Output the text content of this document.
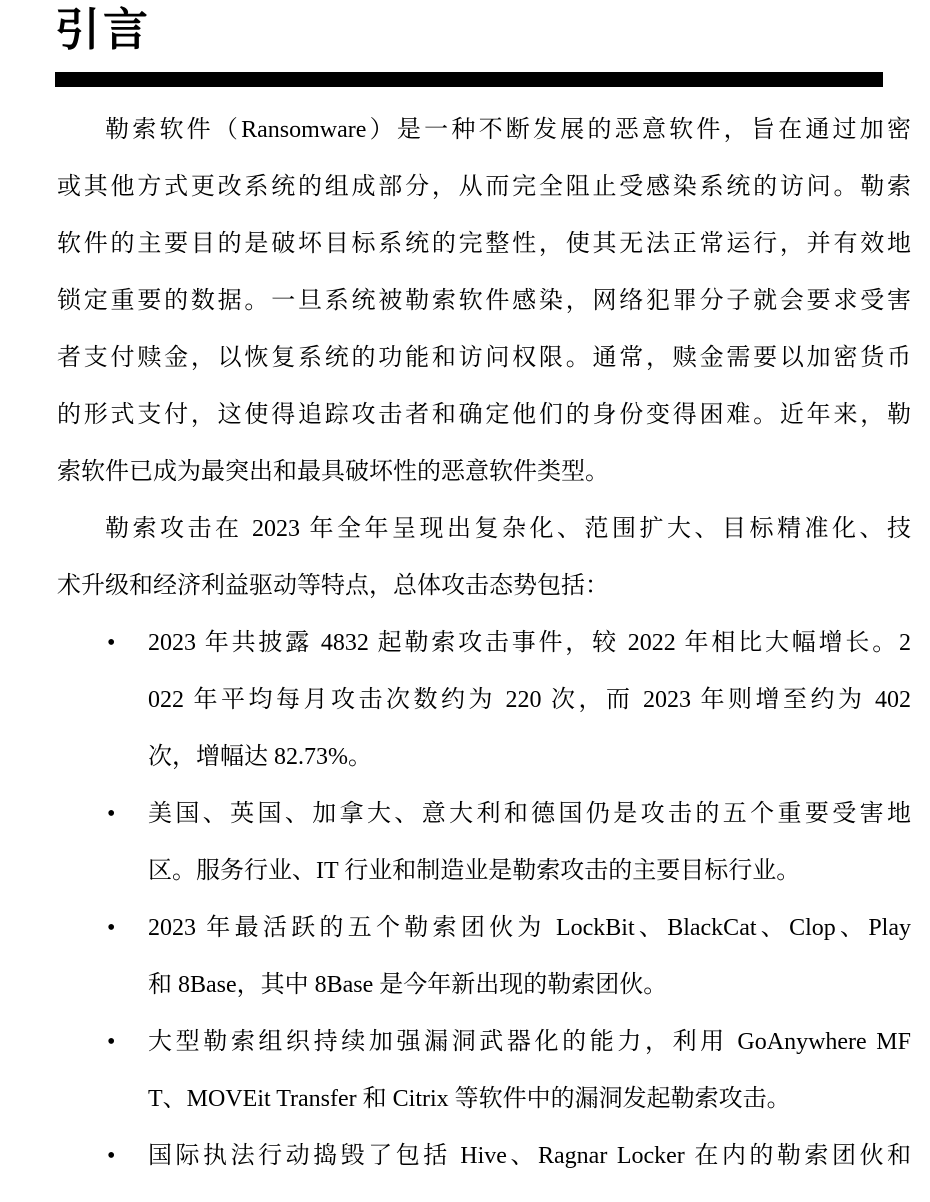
引言
勒索软件（Ransomware）是一种不断发展的恶意软件，旨在通过加密
或其他方式更改系统的组成部分，从而完全阻止受感染系统的访问。勒索
软件的主要目的是破坏目标系统的完整性，使其无法正常运行，并有效地
锁定重要的数据。一旦系统被勒索软件感染，网络犯罪分子就会要求受害
者支付赎金，以恢复系统的功能和访问权限。通常，赎金需要以加密货币
的形式支付，这使得追踪攻击者和确定他们的身份变得困难。近年来，勒
索软件已成为最突出和最具破坏性的恶意软件类型。
勒索攻击在 2023 年全年呈现出复杂化、范围扩大、目标精准化、技
术升级和经济利益驱动等特点，总体攻击态势包括：
•	2023 年共披露 4832 起勒索攻击事件，较 2022 年相比大幅增长。2
022 年平均每月攻击次数约为 220 次，而 2023 年则增至约为 402
次，增幅达 82.73%。
•	美国、英国、加拿大、意大利和德国仍是攻击的五个重要受害地
区。服务行业、IT 行业和制造业是勒索攻击的主要目标行业。
•	2023 年最活跃的五个勒索团伙为 LockBit、BlackCat、Clop、Play
和 8Base，其中 8Base 是今年新出现的勒索团伙。
•	大型勒索组织持续加强漏洞武器化的能力，利用 GoAnywhere MF
T、MOVEit Transfer 和 Citrix 等软件中的漏洞发起勒索攻击。
•	国际执法行动捣毁了包括 Hive、Ragnar Locker 在内的勒索团伙和
